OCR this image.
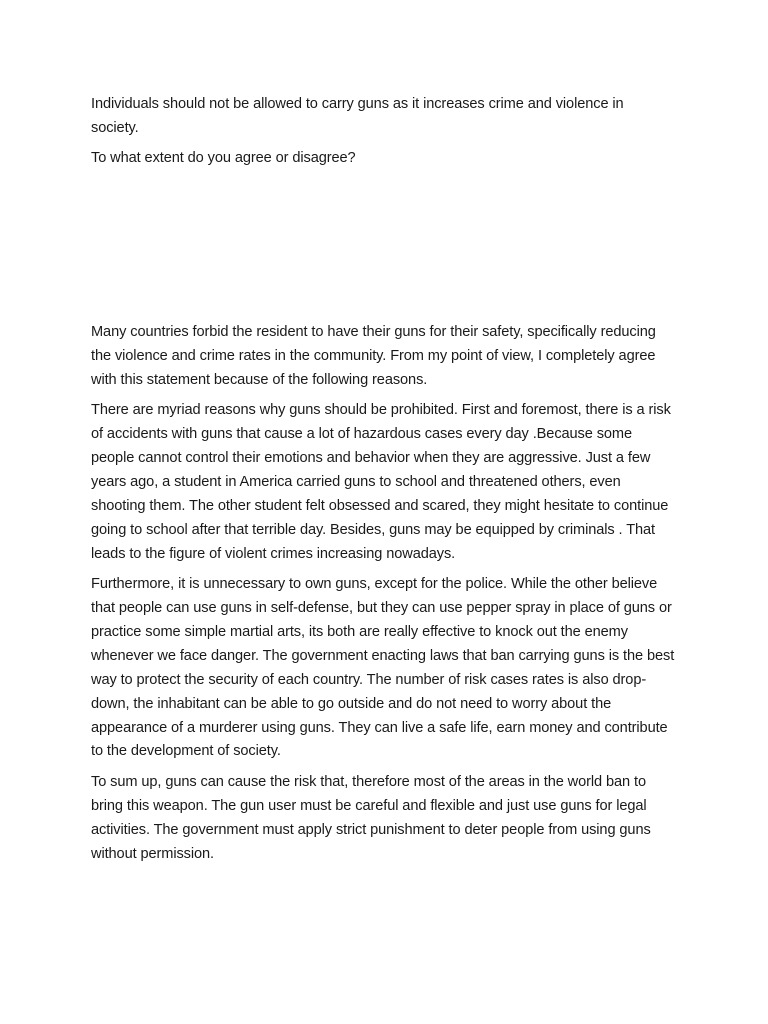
Individuals should not be allowed to carry guns as it increases crime and violence in society.

To what extent do you agree or disagree?

Many countries forbid the resident to have their guns for their safety, specifically reducing the violence and crime rates in the community. From my point of view, I completely agree with this statement because of the following reasons.

There are myriad reasons why guns should be prohibited. First and foremost, there is a risk of accidents with guns that cause a lot of hazardous cases every day .Because some people cannot control their emotions and behavior when they are aggressive. Just a few years ago, a student in America carried guns to school and threatened others, even shooting them. The other student felt obsessed and scared, they might hesitate to continue going to school after that terrible day. Besides, guns may be equipped by criminals . That leads to the figure of violent crimes increasing nowadays.

Furthermore, it is unnecessary to own guns, except for the police. While the other believe that people can use guns in self-defense, but they can use pepper spray in place of guns or practice some simple martial arts, its both are really effective to knock out the enemy whenever we face danger. The government enacting laws that ban carrying guns is the best way to protect the security of each country. The number of risk cases rates is also drop-down, the inhabitant can be able to go outside and do not need to worry about the appearance of a murderer using guns. They can live a safe life, earn money and contribute to the development of society.

To sum up, guns can cause the risk that, therefore most of the areas in the world ban to bring this weapon. The gun user must be careful and flexible and just use guns for legal activities. The government must apply strict punishment to deter people from using guns without permission.
